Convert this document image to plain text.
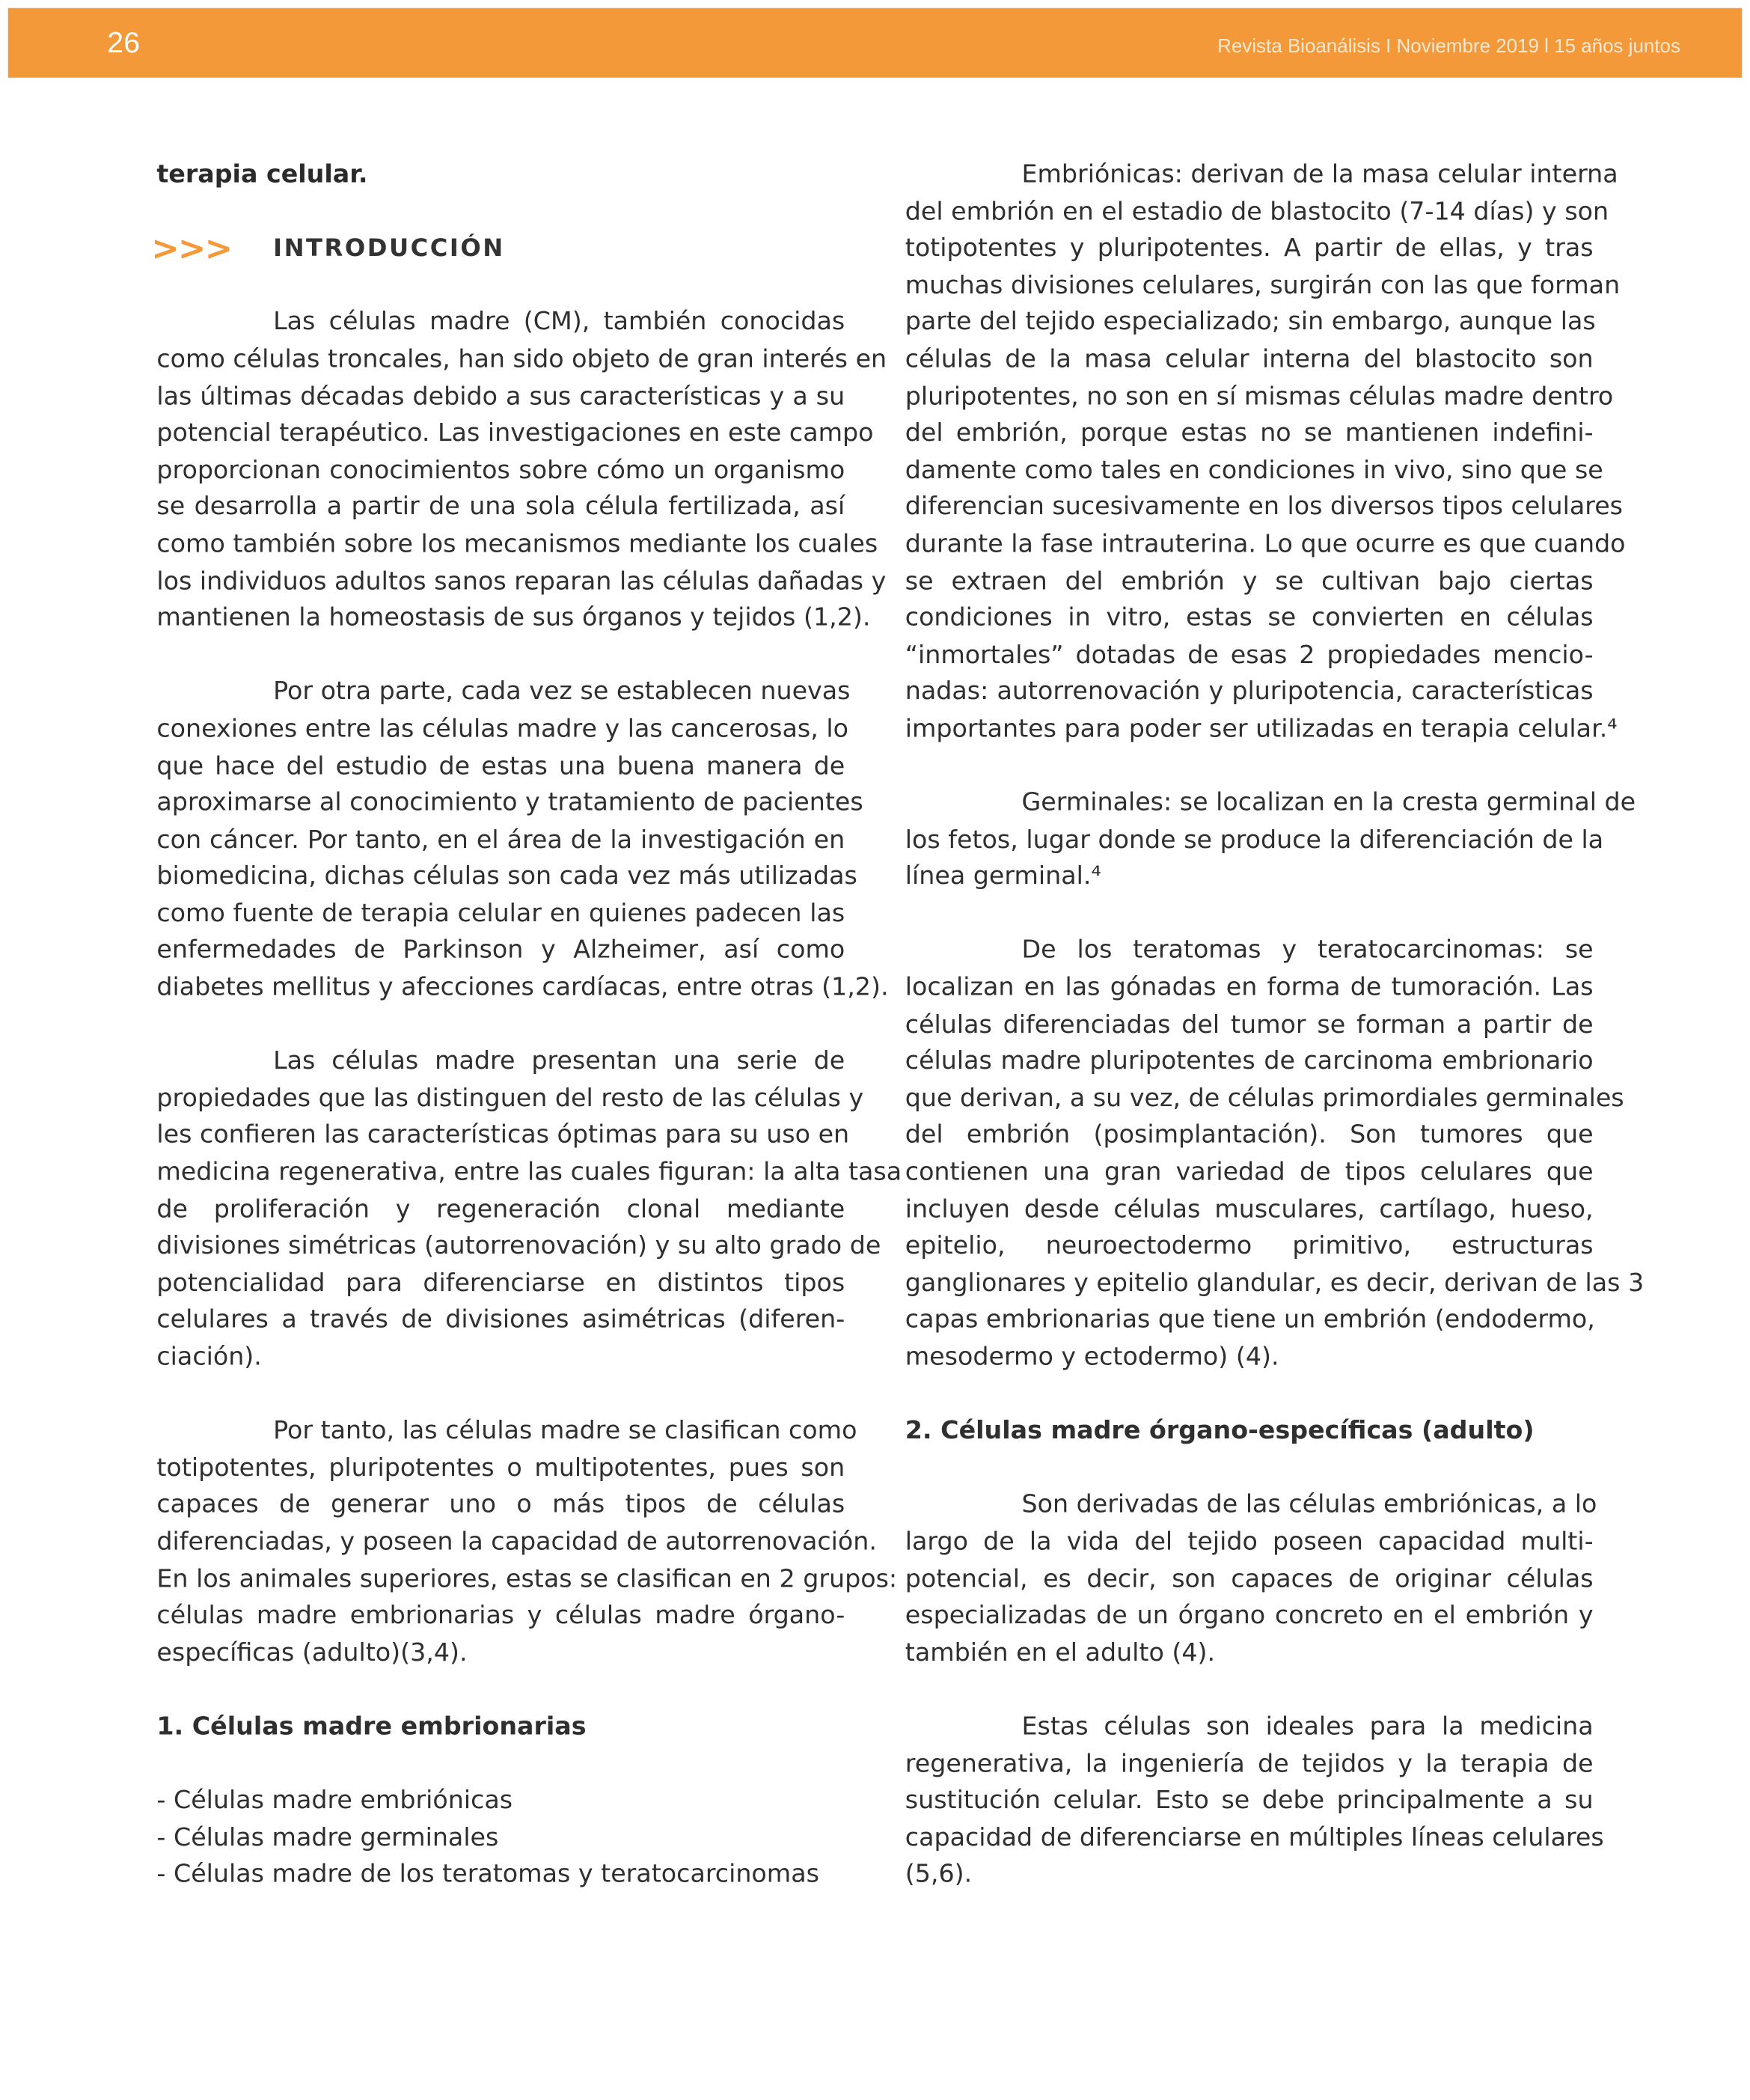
26	Revista Bioanálisis I Noviembre 2019 l 15 años juntos
terapia celular.
>>>	INTRODUCCIÓN
Las células madre (CM), también conocidas
como células troncales, han sido objeto de gran interés en
las últimas décadas debido a sus características y a su
potencial terapéutico. Las investigaciones en este campo
proporcionan conocimientos sobre cómo un organismo
se desarrolla a partir de una sola célula fertilizada, así
como también sobre los mecanismos mediante los cuales
los individuos adultos sanos reparan las células dañadas y
mantienen la homeostasis de sus órganos y tejidos (1,2).
Por otra parte, cada vez se establecen nuevas
conexiones entre las células madre y las cancerosas, lo
que hace del estudio de estas una buena manera de
aproximarse al conocimiento y tratamiento de pacientes
con cáncer. Por tanto, en el área de la investigación en
biomedicina, dichas células son cada vez más utilizadas
como fuente de terapia celular en quienes padecen las
enfermedades de Parkinson y Alzheimer, así como
diabetes mellitus y afecciones cardíacas, entre otras (1,2).
Las células madre presentan una serie de
propiedades que las distinguen del resto de las células y
les confieren las características óptimas para su uso en
medicina regenerativa, entre las cuales figuran: la alta tasa
de proliferación y regeneración clonal mediante
divisiones simétricas (autorrenovación) y su alto grado de
potencialidad para diferenciarse en distintos tipos
celulares a través de divisiones asimétricas (diferen-
ciación).
Por tanto, las células madre se clasifican como
totipotentes, pluripotentes o multipotentes, pues son
capaces de generar uno o más tipos de células
diferenciadas, y poseen la capacidad de autorrenovación.
En los animales superiores, estas se clasifican en 2 grupos:
células madre embrionarias y células madre órgano-
específicas (adulto)(3,4).
1. Células madre embrionarias
- Células madre embriónicas
- Células madre germinales
- Células madre de los teratomas y teratocarcinomas
Embriónicas: derivan de la masa celular interna
del embrión en el estadio de blastocito (7-14 días) y son
totipotentes y pluripotentes. A partir de ellas, y tras
muchas divisiones celulares, surgirán con las que forman
parte del tejido especializado; sin embargo, aunque las
células de la masa celular interna del blastocito son
pluripotentes, no son en sí mismas células madre dentro
del embrión, porque estas no se mantienen indefini-
damente como tales en condiciones in vivo, sino que se
diferencian sucesivamente en los diversos tipos celulares
durante la fase intrauterina. Lo que ocurre es que cuando
se extraen del embrión y se cultivan bajo ciertas
condiciones in vitro, estas se convierten en células
“inmortales” dotadas de esas 2 propiedades mencio-
nadas: autorrenovación y pluripotencia, características
importantes para poder ser utilizadas en terapia celular.⁴
Germinales: se localizan en la cresta germinal de
los fetos, lugar donde se produce la diferenciación de la
línea germinal.⁴
De los teratomas y teratocarcinomas: se
localizan en las gónadas en forma de tumoración. Las
células diferenciadas del tumor se forman a partir de
células madre pluripotentes de carcinoma embrionario
que derivan, a su vez, de células primordiales germinales
del embrión (posimplantación). Son tumores que
contienen una gran variedad de tipos celulares que
incluyen desde células musculares, cartílago, hueso,
epitelio, neuroectodermo primitivo, estructuras
ganglionares y epitelio glandular, es decir, derivan de las 3
capas embrionarias que tiene un embrión (endodermo,
mesodermo y ectodermo) (4).
2. Células madre órgano-específicas (adulto)
Son derivadas de las células embriónicas, a lo
largo de la vida del tejido poseen capacidad multi-
potencial, es decir, son capaces de originar células
especializadas de un órgano concreto en el embrión y
también en el adulto (4).
Estas células son ideales para la medicina
regenerativa, la ingeniería de tejidos y la terapia de
sustitución celular. Esto se debe principalmente a su
capacidad de diferenciarse en múltiples líneas celulares
(5,6).
